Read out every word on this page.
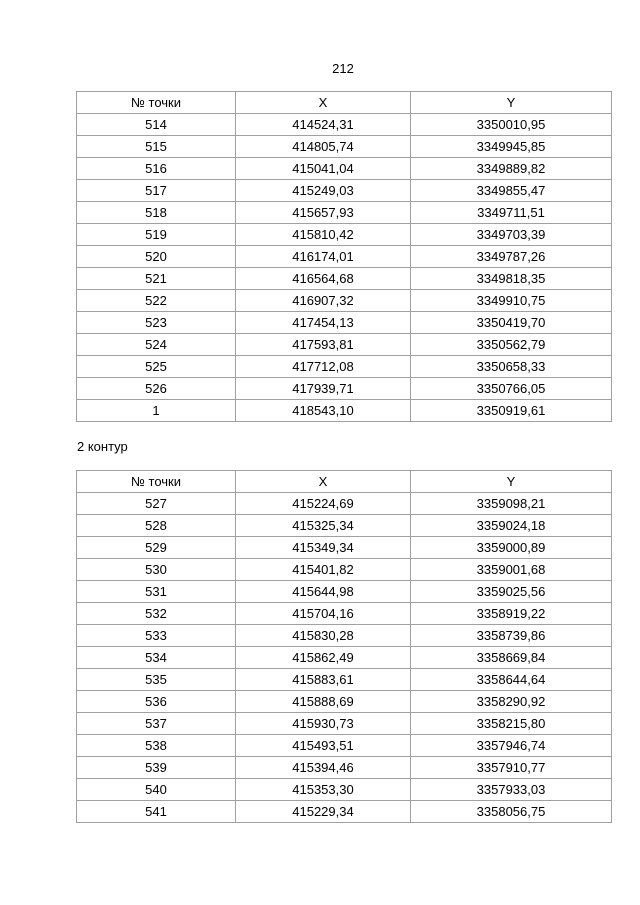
212
№ точки	X	Y
514	414524,31	3350010,95
515	414805,74	3349945,85
516	415041,04	3349889,82
517	415249,03	3349855,47
518	415657,93	3349711,51
519	415810,42	3349703,39
520	416174,01	3349787,26
521	416564,68	3349818,35
522	416907,32	3349910,75
523	417454,13	3350419,70
524	417593,81	3350562,79
525	417712,08	3350658,33
526	417939,71	3350766,05
1	418543,10	3350919,61
2 контур
№ точки	X	Y
527	415224,69	3359098,21
528	415325,34	3359024,18
529	415349,34	3359000,89
530	415401,82	3359001,68
531	415644,98	3359025,56
532	415704,16	3358919,22
533	415830,28	3358739,86
534	415862,49	3358669,84
535	415883,61	3358644,64
536	415888,69	3358290,92
537	415930,73	3358215,80
538	415493,51	3357946,74
539	415394,46	3357910,77
540	415353,30	3357933,03
541	415229,34	3358056,75
